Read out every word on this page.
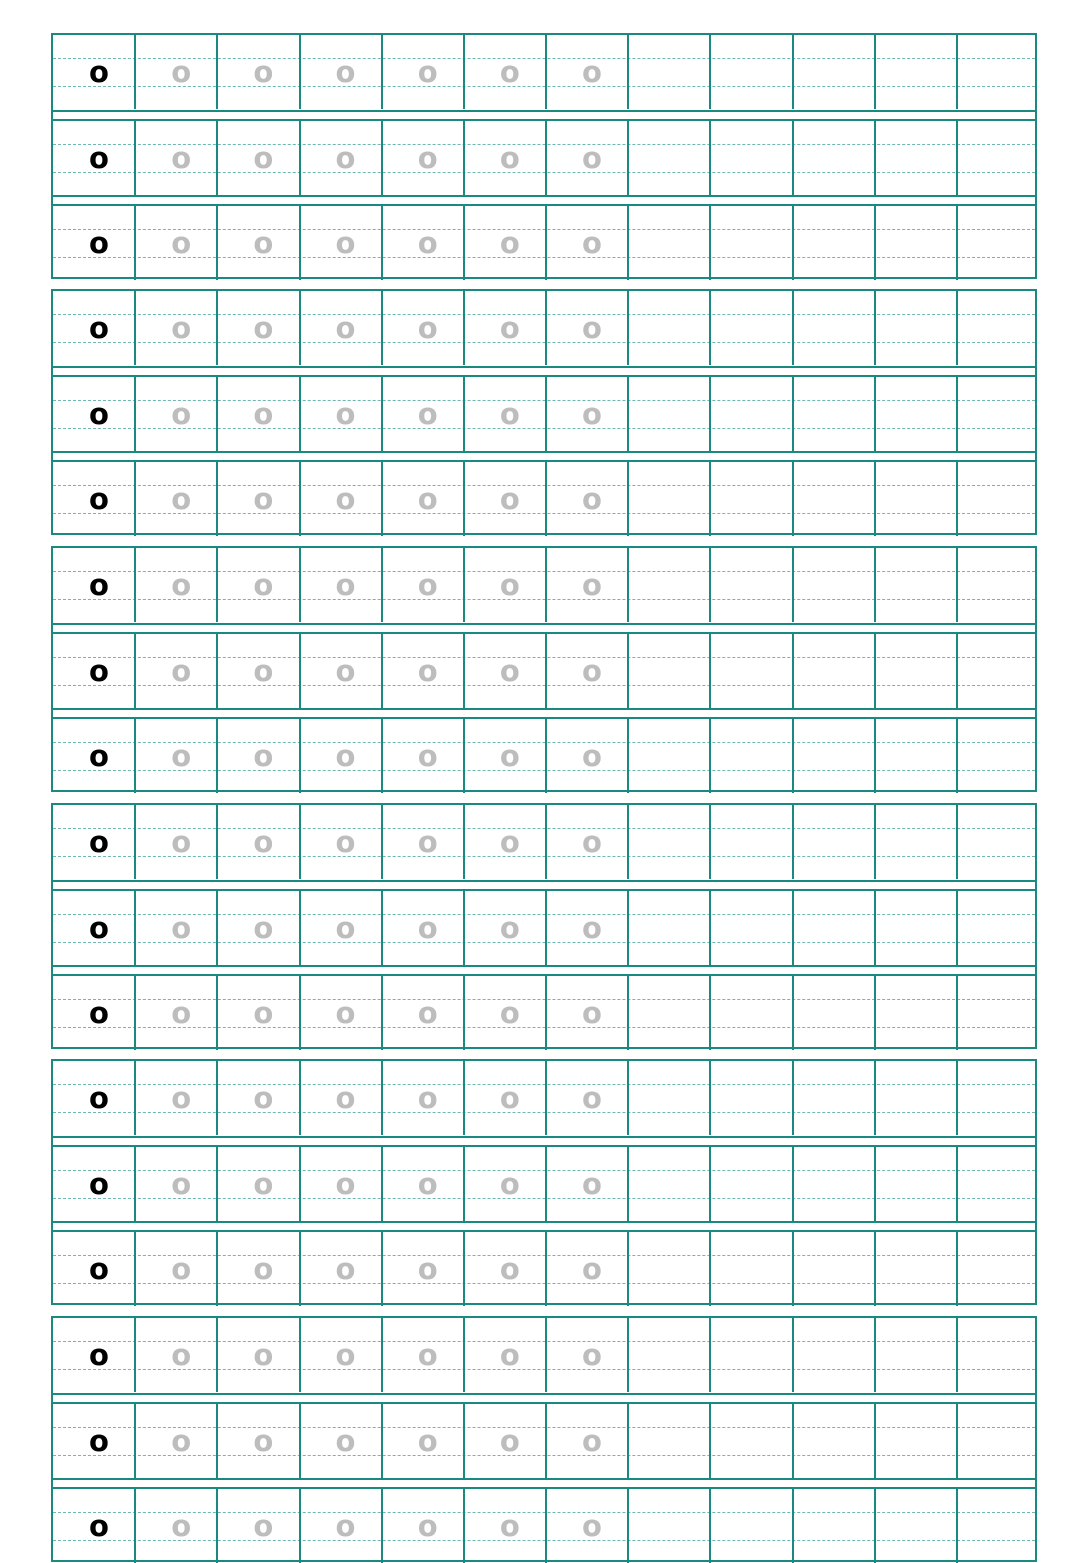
o	o	o	o	o	o	o
o	o	o	o	o	o	o
o	o	o	o	o	o	o
o	o	o	o	o	o	o
o	o	o	o	o	o	o
o	o	o	o	o	o	o
o	o	o	o	o	o	o
o	o	o	o	o	o	o
o	o	o	o	o	o	o
o	o	o	o	o	o	o
o	o	o	o	o	o	o
o	o	o	o	o	o	o
o	o	o	o	o	o	o
o	o	o	o	o	o	o
o	o	o	o	o	o	o
o	o	o	o	o	o	o
o	o	o	o	o	o	o
o	o	o	o	o	o	o
